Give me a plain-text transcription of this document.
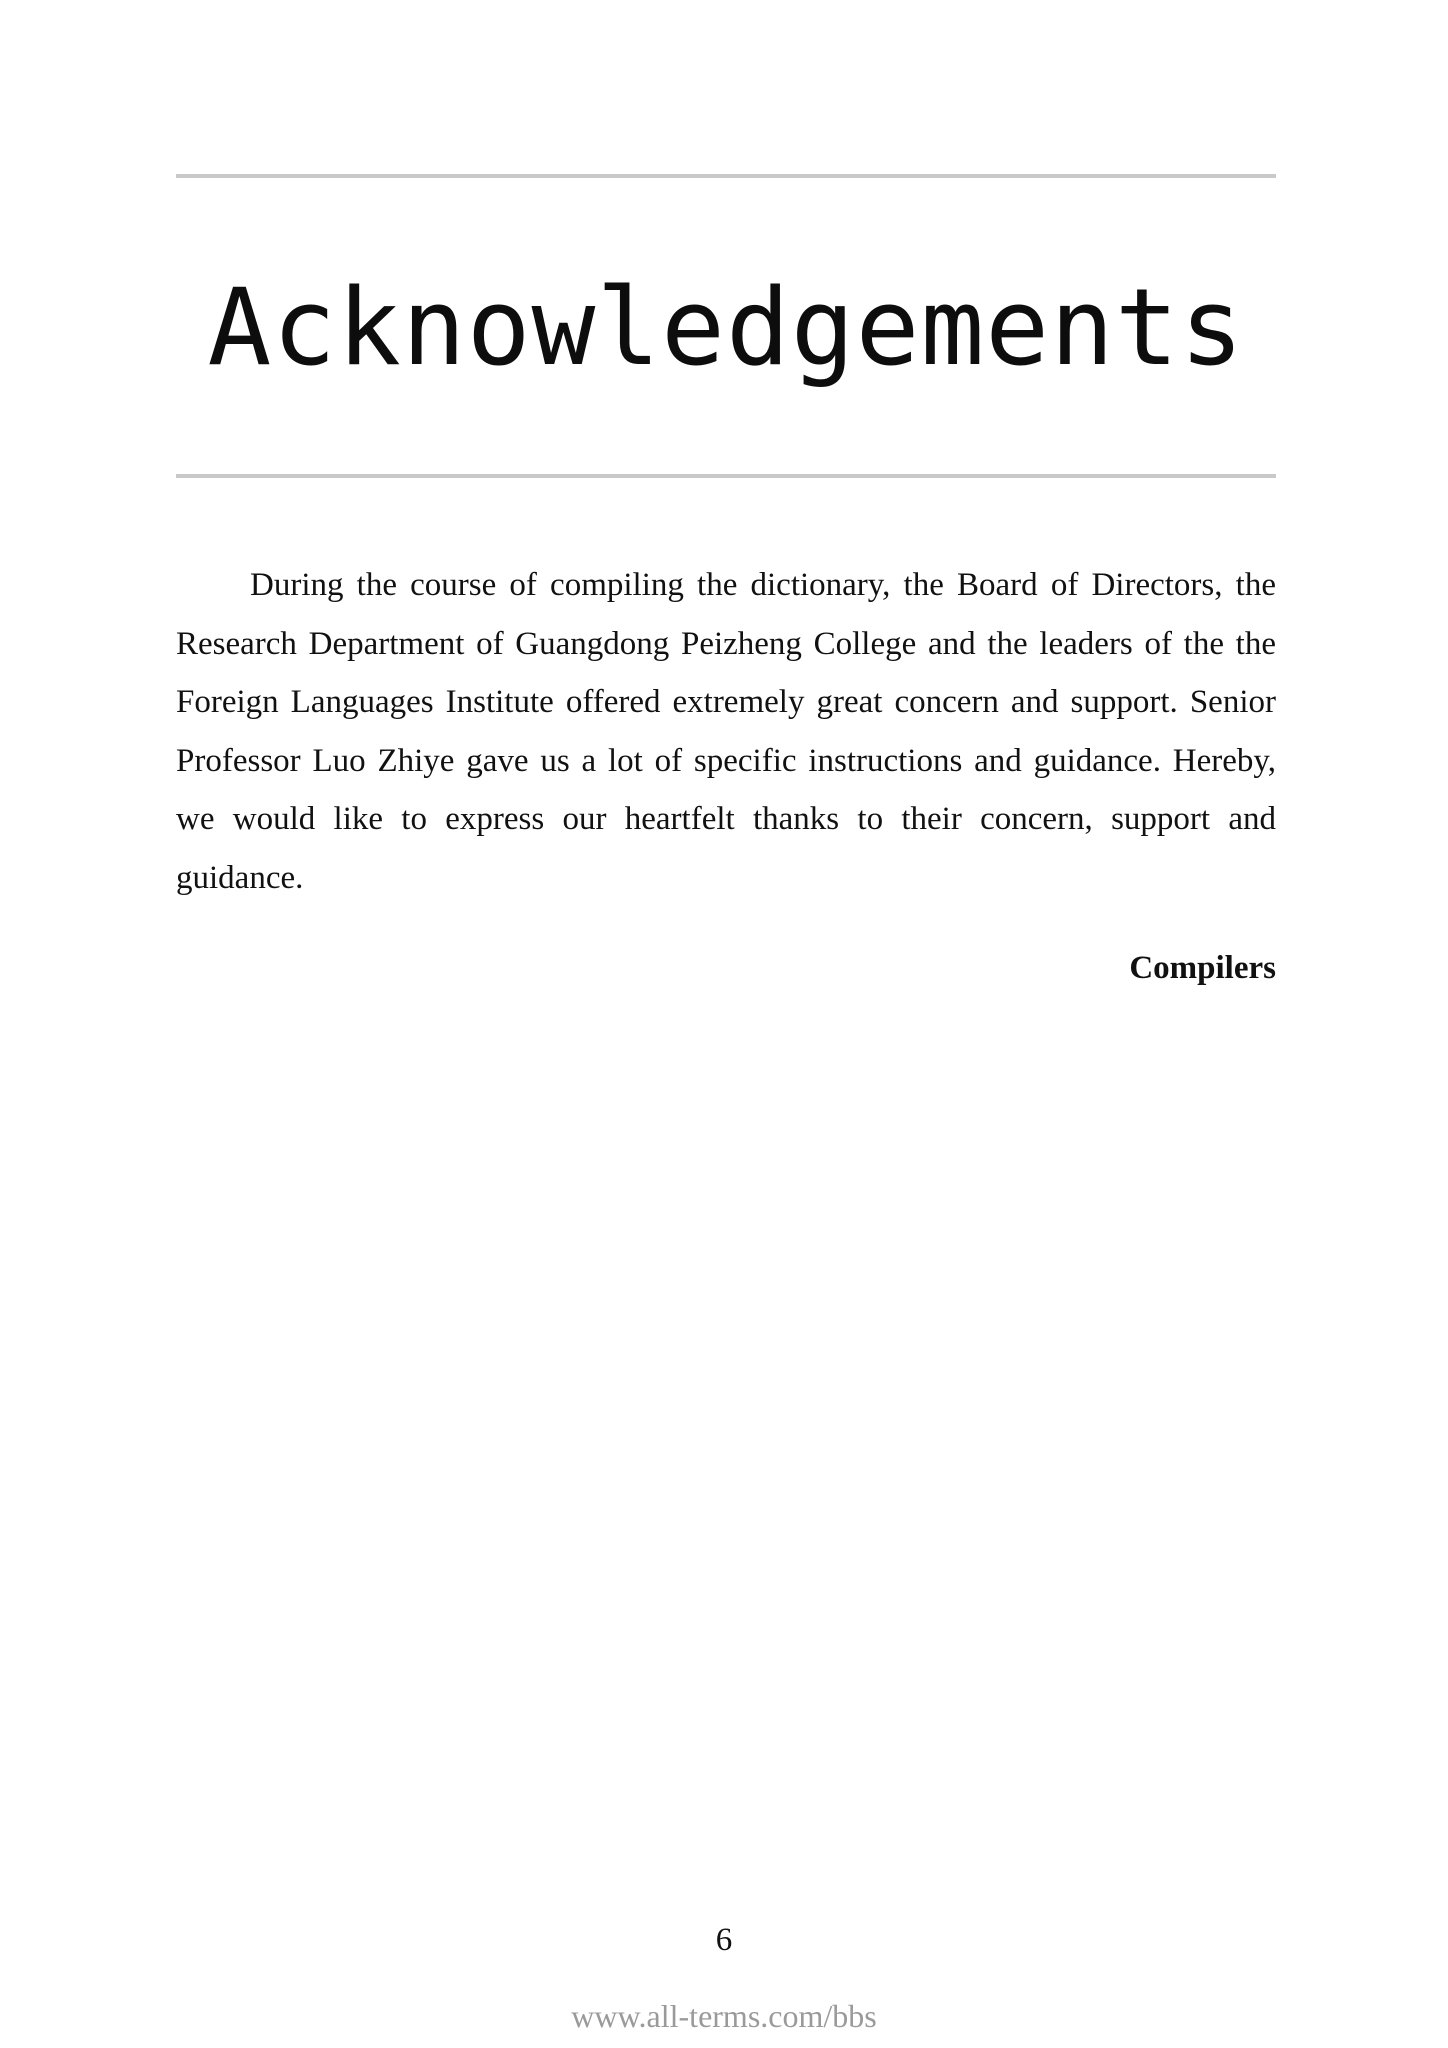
Acknowledgements

During the course of compiling the dictionary, the Board of Directors, the Research Department of Guangdong Peizheng College and the leaders of the the Foreign Languages Institute offered extremely great concern and support. Senior Professor Luo Zhiye gave us a lot of specific instructions and guidance. Hereby, we would like to express our heartfelt thanks to their concern, support and guidance.

Compilers
6
www.all-terms.com/bbs
